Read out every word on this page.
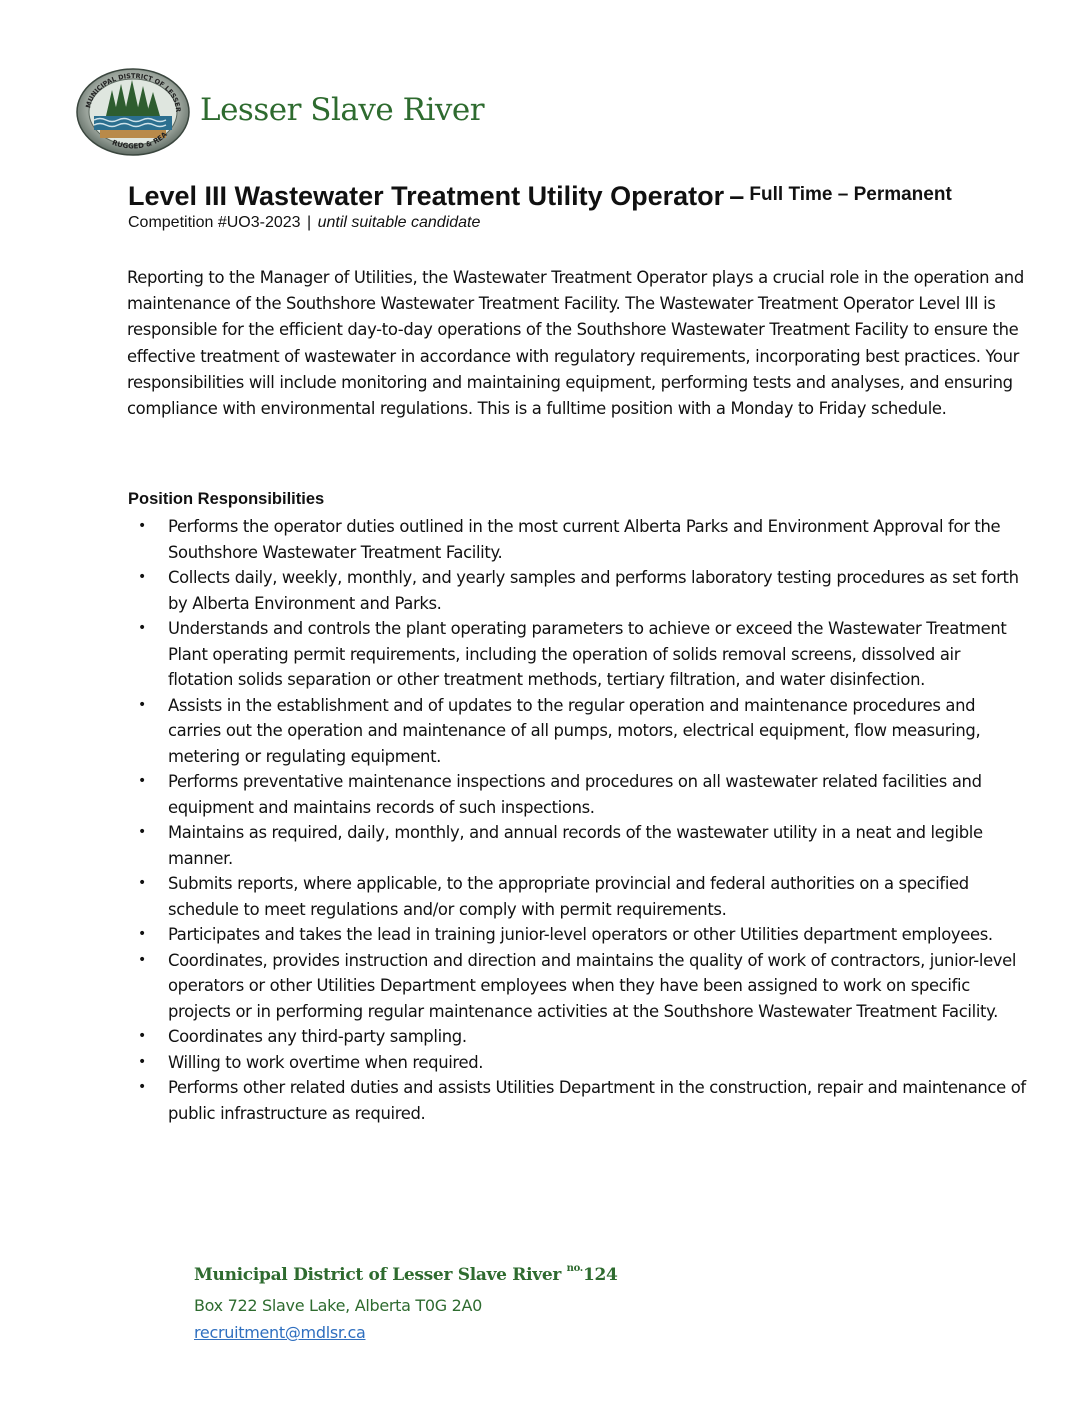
MUNICIPAL DISTRICT OF LESSER
RUGGED & REA
Lesser Slave River
Level III Wastewater Treatment Utility Operator – Full Time – Permanent
Competition #UO3-2023 | until suitable candidate
Reporting to the Manager of Utilities, the Wastewater Treatment Operator plays a crucial role in the operation and maintenance of the Southshore Wastewater Treatment Facility. The Wastewater Treatment Operator Level III is responsible for the efficient day-to-day operations of the Southshore Wastewater Treatment Facility to ensure the effective treatment of wastewater in accordance with regulatory requirements, incorporating best practices. Your responsibilities will include monitoring and maintaining equipment, performing tests and analyses, and ensuring compliance with environmental regulations. This is a fulltime position with a Monday to Friday schedule.
Position Responsibilities
• Performs the operator duties outlined in the most current Alberta Parks and Environment Approval for the Southshore Wastewater Treatment Facility.
• Collects daily, weekly, monthly, and yearly samples and performs laboratory testing procedures as set forth by Alberta Environment and Parks.
• Understands and controls the plant operating parameters to achieve or exceed the Wastewater Treatment Plant operating permit requirements, including the operation of solids removal screens, dissolved air flotation solids separation or other treatment methods, tertiary filtration, and water disinfection.
• Assists in the establishment and of updates to the regular operation and maintenance procedures and carries out the operation and maintenance of all pumps, motors, electrical equipment, flow measuring, metering or regulating equipment.
• Performs preventative maintenance inspections and procedures on all wastewater related facilities and equipment and maintains records of such inspections.
• Maintains as required, daily, monthly, and annual records of the wastewater utility in a neat and legible manner.
• Submits reports, where applicable, to the appropriate provincial and federal authorities on a specified schedule to meet regulations and/or comply with permit requirements.
• Participates and takes the lead in training junior-level operators or other Utilities department employees.
• Coordinates, provides instruction and direction and maintains the quality of work of contractors, junior-level operators or other Utilities Department employees when they have been assigned to work on specific projects or in performing regular maintenance activities at the Southshore Wastewater Treatment Facility.
• Coordinates any third-party sampling.
• Willing to work overtime when required.
• Performs other related duties and assists Utilities Department in the construction, repair and maintenance of public infrastructure as required.
Municipal District of Lesser Slave River $^{no.}$124
Box 722 Slave Lake, Alberta T0G 2A0
recruitment@mdlsr.ca
